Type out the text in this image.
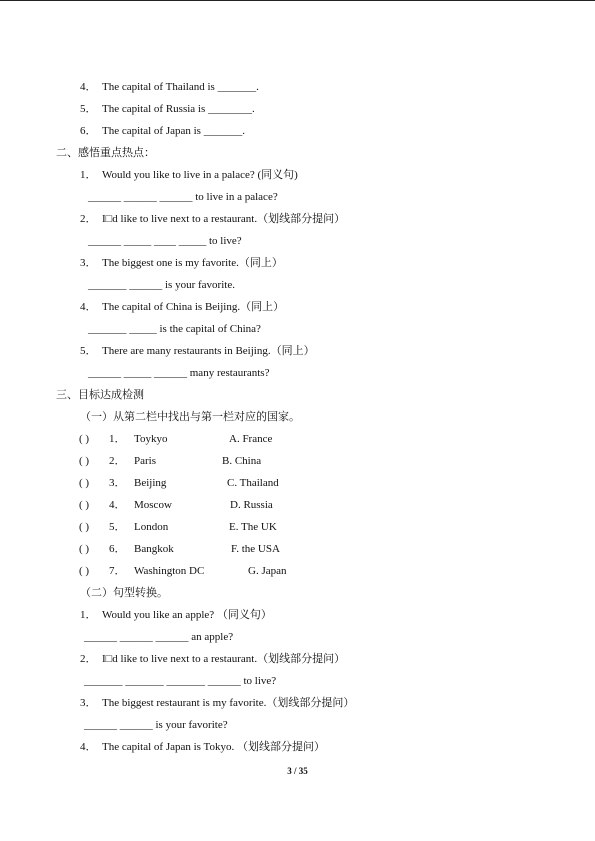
4． The capital of Thailand is _______.
5． The capital of Russia is ________.
6． The capital of Japan is _______.
二、感悟重点热点：
1． Would you like to live in a palace? (同义句)
______ ______ ______ to live in a palace?
2． I□d like to live next to a restaurant.（划线部分提问）
______ _____ ____ _____ to live?
3． The biggest one is my favorite.（同上）
_______ ______ is your favorite.
4． The capital of China is Beijing.（同上）
_______ _____ is the capital of China?
5． There are many restaurants in Beijing.（同上）
______ _____ ______ many restaurants?
三、目标达成检测
（一）从第二栏中找出与第一栏对应的国家。
( ) 1． Toykyo	A. France
( ) 2． Paris	B. China
( ) 3． Beijing	C. Thailand
( ) 4． Moscow	D. Russia
( ) 5． London	E. The UK
( ) 6． Bangkok	F. the USA
( ) 7． Washington DC	G. Japan
（二）句型转换。
1． Would you like an apple? （同义句）
______ ______ ______ an apple?
2． I□d like to live next to a restaurant.（划线部分提问）
_______ _______ _______ ______ to live?
3． The biggest restaurant is my favorite.（划线部分提问）
______ ______ is your favorite?
4． The capital of Japan is Tokyo. （划线部分提问）
3 / 35
